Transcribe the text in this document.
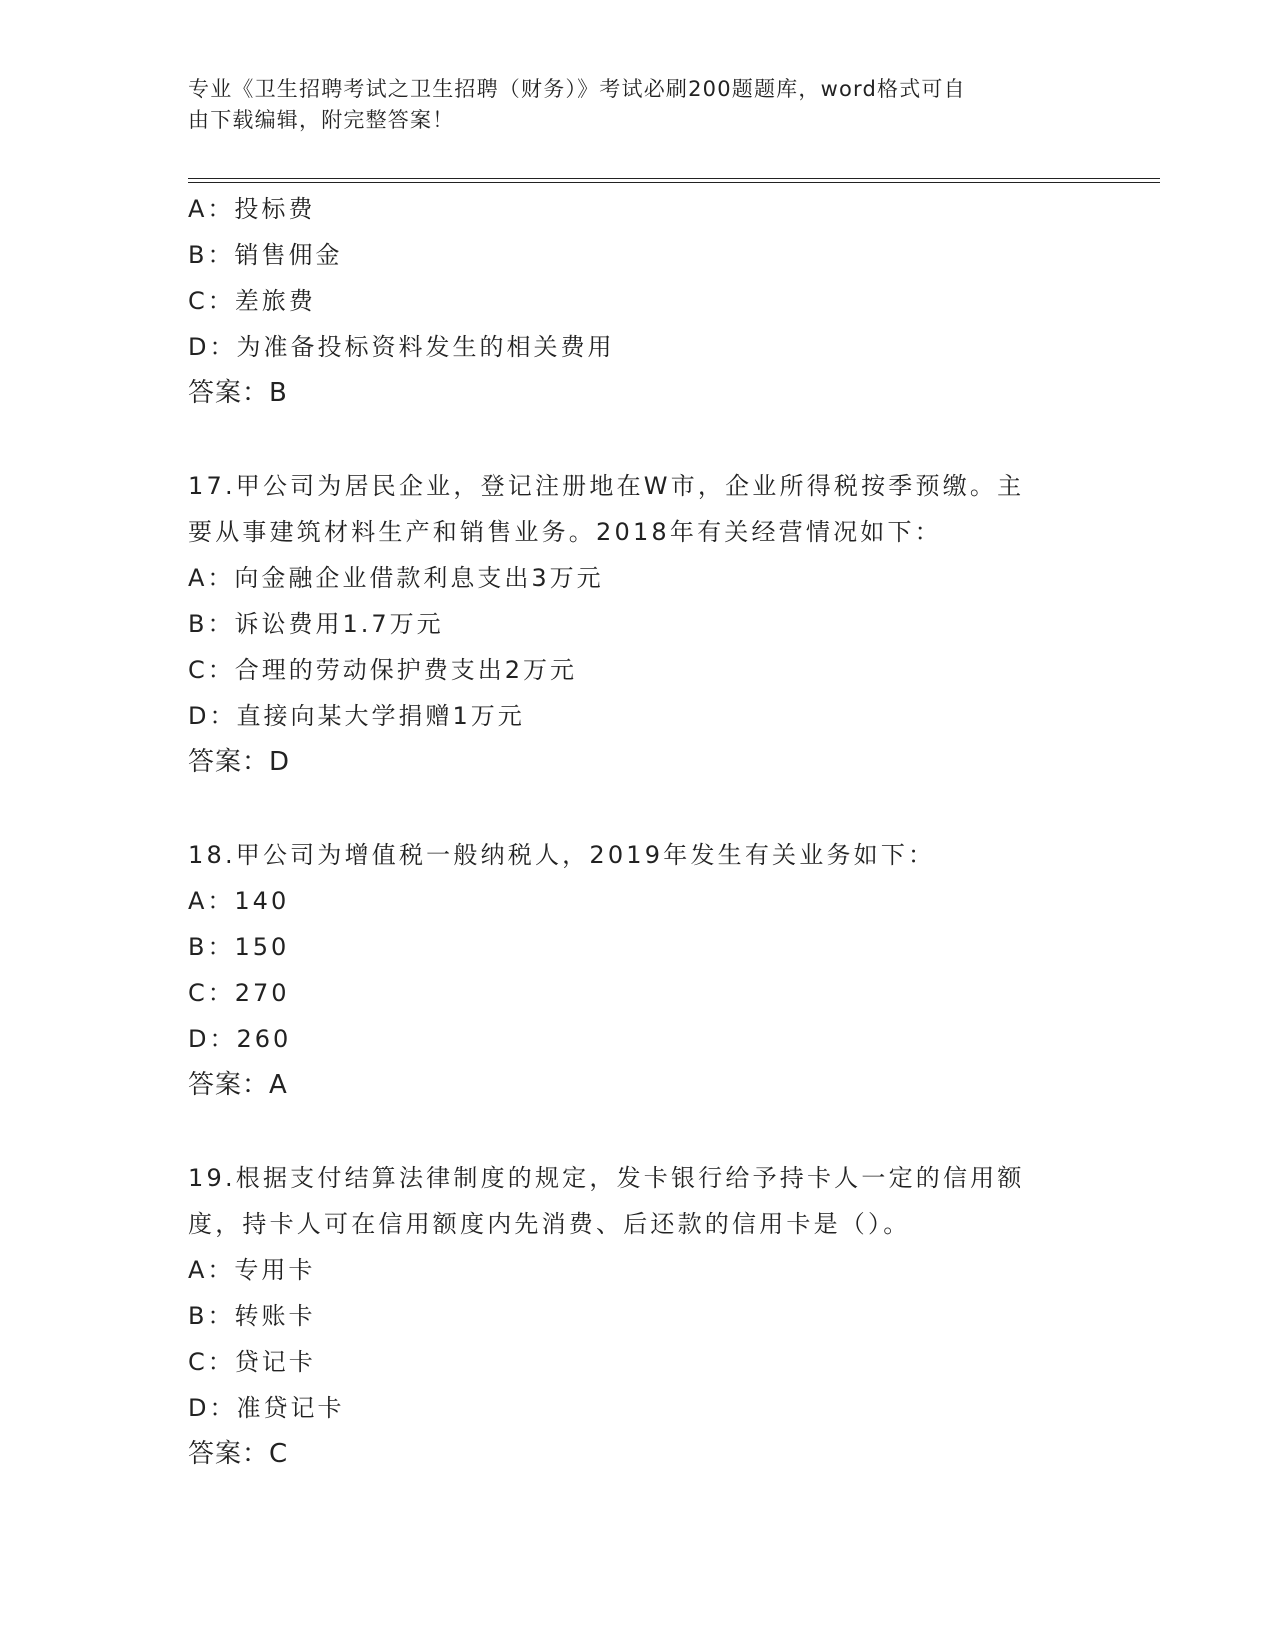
专业《卫生招聘考试之卫生招聘（财务）》考试必刷200题题库，word格式可自
由下载编辑，附完整答案！
A：投标费
B：销售佣金
C：差旅费
D：为准备投标资料发生的相关费用
答案：B
17.甲公司为居民企业，登记注册地在W市，企业所得税按季预缴。主
要从事建筑材料生产和销售业务。2018年有关经营情况如下：
A：向金融企业借款利息支出3万元
B：诉讼费用1.7万元
C：合理的劳动保护费支出2万元
D：直接向某大学捐赠1万元
答案：D
18.甲公司为增值税一般纳税人，2019年发生有关业务如下：
A：140
B：150
C：270
D：260
答案：A
19.根据支付结算法律制度的规定，发卡银行给予持卡人一定的信用额
度，持卡人可在信用额度内先消费、后还款的信用卡是（）。
A：专用卡
B：转账卡
C：贷记卡
D：准贷记卡
答案：C
